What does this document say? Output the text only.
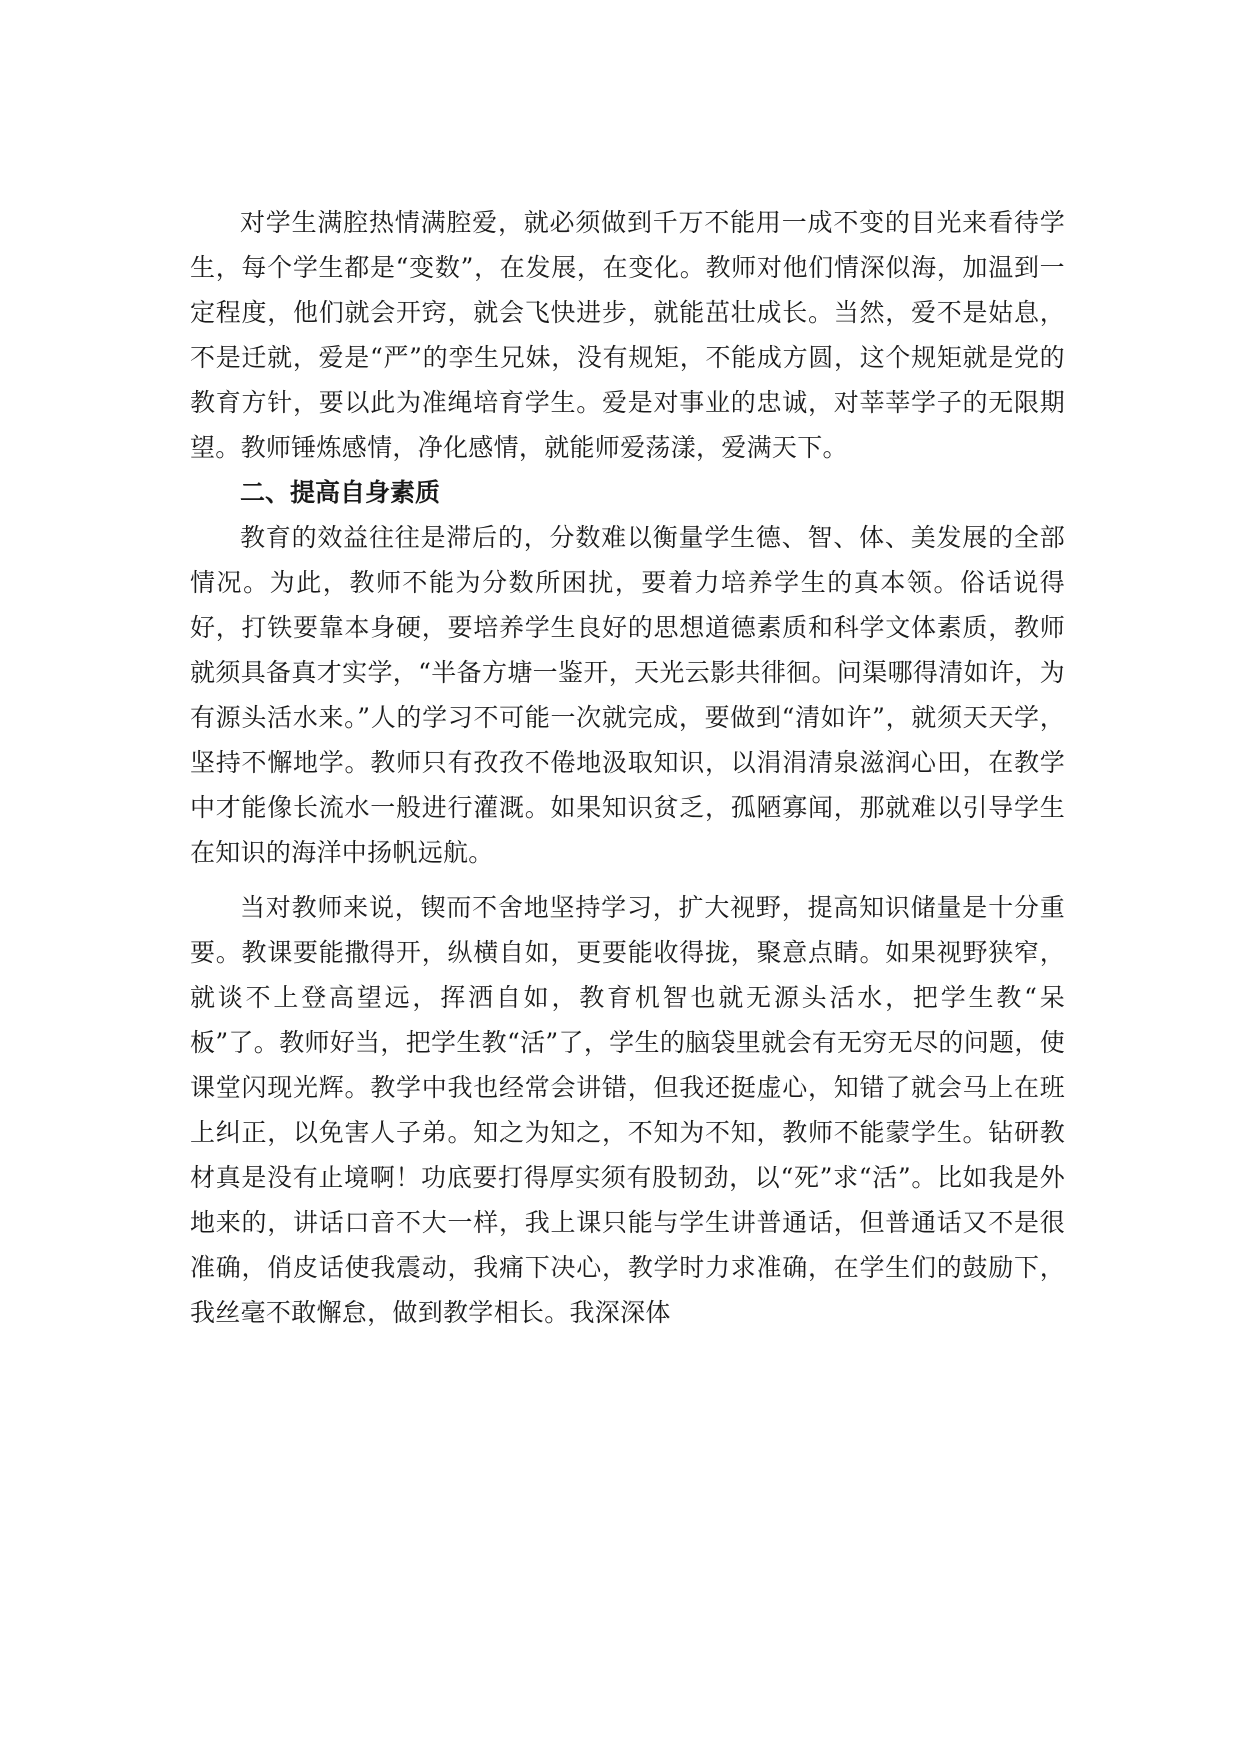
对学生满腔热情满腔爱，就必须做到千万不能用一成不变的目光来看待学生，每个学生都是“变数”，在发展，在变化。教师对他们情深似海，加温到一定程度，他们就会开窍，就会飞快进步，就能茁壮成长。当然，爱不是姑息，不是迁就，爱是“严”的孪生兄妹，没有规矩，不能成方圆，这个规矩就是党的教育方针，要以此为准绳培育学生。爱是对事业的忠诚，对莘莘学子的无限期望。教师锤炼感情，净化感情，就能师爱荡漾，爱满天下。

二、提高自身素质

教育的效益往往是滞后的，分数难以衡量学生德、智、体、美发展的全部情况。为此，教师不能为分数所困扰，要着力培养学生的真本领。俗话说得好，打铁要靠本身硬，要培养学生良好的思想道德素质和科学文体素质，教师就须具备真才实学，“半备方塘一鉴开，天光云影共徘徊。问渠哪得清如许，为有源头活水来。”人的学习不可能一次就完成，要做到“清如许”，就须天天学，坚持不懈地学。教师只有孜孜不倦地汲取知识，以涓涓清泉滋润心田，在教学中才能像长流水一般进行灌溉。如果知识贫乏，孤陋寡闻，那就难以引导学生在知识的海洋中扬帆远航。

当对教师来说，锲而不舍地坚持学习，扩大视野，提高知识储量是十分重要。教课要能撒得开，纵横自如，更要能收得拢，聚意点睛。如果视野狭窄，就谈不上登高望远，挥洒自如，教育机智也就无源头活水，把学生教“呆板”了。教师好当，把学生教“活”了，学生的脑袋里就会有无穷无尽的问题，使课堂闪现光辉。教学中我也经常会讲错，但我还挺虚心，知错了就会马上在班上纠正，以免害人子弟。知之为知之，不知为不知，教师不能蒙学生。钻研教材真是没有止境啊！功底要打得厚实须有股韧劲，以“死”求“活”。比如我是外地来的，讲话口音不大一样，我上课只能与学生讲普通话，但普通话又不是很准确，俏皮话使我震动，我痛下决心，教学时力求准确，在学生们的鼓励下，我丝毫不敢懈怠，做到教学相长。我深深体
